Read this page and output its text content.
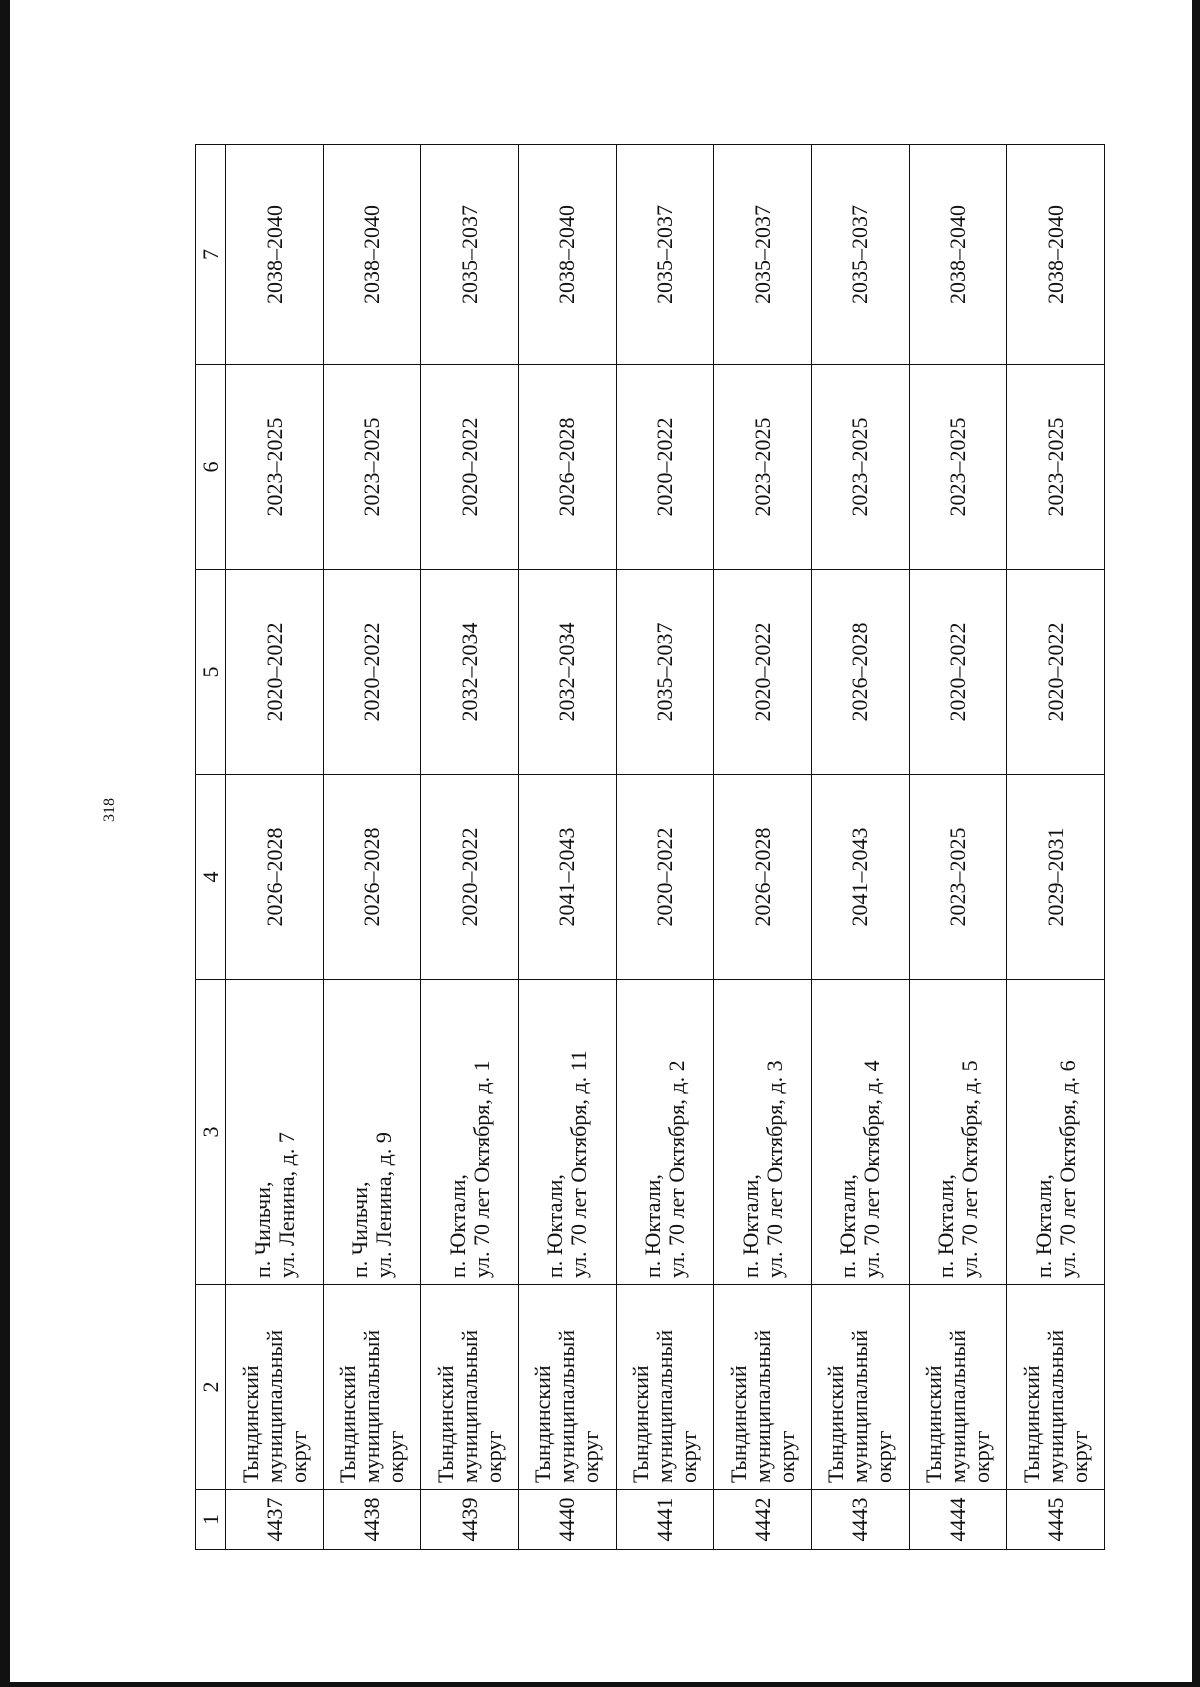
318
1	2	3	4	5	6	7
4437	Тындинский муниципальный округ	п. Чильчи, ул. Ленина, д. 7	2026–2028	2020–2022	2023–2025	2038–2040
4438	Тындинский муниципальный округ	п. Чильчи, ул. Ленина, д. 9	2026–2028	2020–2022	2023–2025	2038–2040
4439	Тындинский муниципальный округ	п. Юктали, ул. 70 лет Октября, д. 1	2020–2022	2032–2034	2020–2022	2035–2037
4440	Тындинский муниципальный округ	п. Юктали, ул. 70 лет Октября, д. 11	2041–2043	2032–2034	2026–2028	2038–2040
4441	Тындинский муниципальный округ	п. Юктали, ул. 70 лет Октября, д. 2	2020–2022	2035–2037	2020–2022	2035–2037
4442	Тындинский муниципальный округ	п. Юктали, ул. 70 лет Октября, д. 3	2026–2028	2020–2022	2023–2025	2035–2037
4443	Тындинский муниципальный округ	п. Юктали, ул. 70 лет Октября, д. 4	2041–2043	2026–2028	2023–2025	2035–2037
4444	Тындинский муниципальный округ	п. Юктали, ул. 70 лет Октября, д. 5	2023–2025	2020–2022	2023–2025	2038–2040
4445	Тындинский муниципальный округ	п. Юктали, ул. 70 лет Октября, д. 6	2029–2031	2020–2022	2023–2025	2038–2040
